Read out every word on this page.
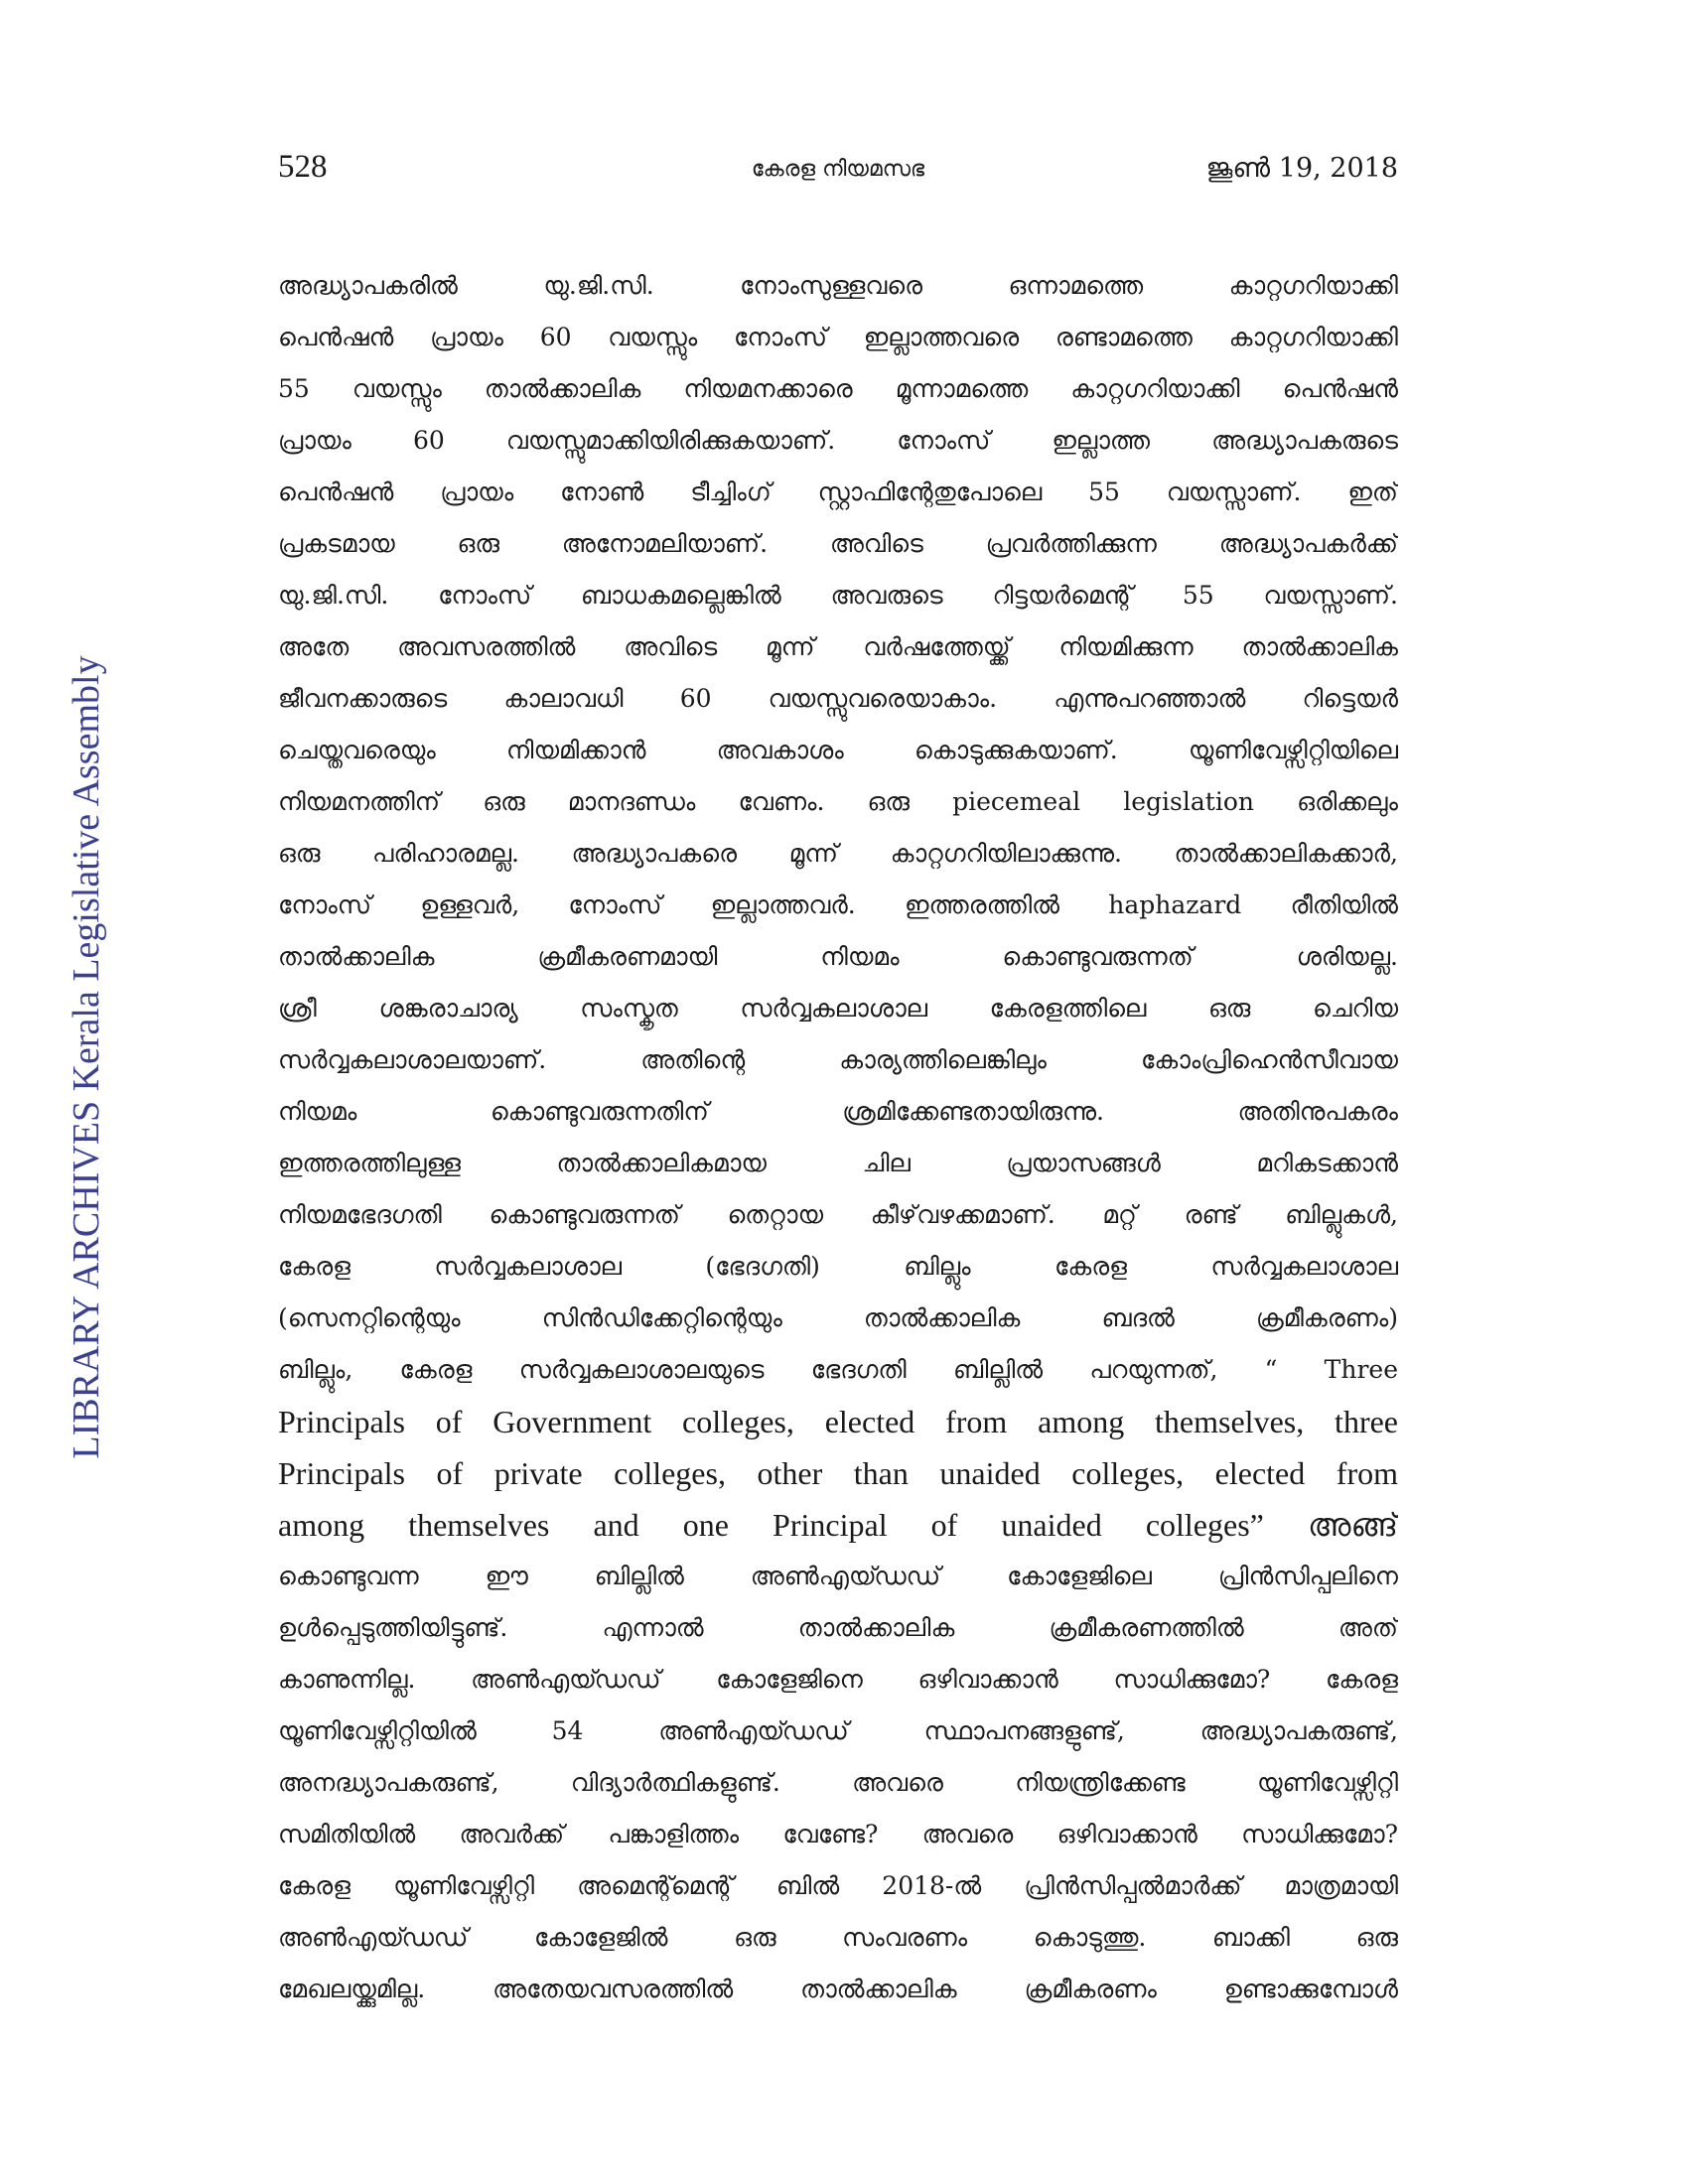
LIBRARY ARCHIVES Kerala Legislative Assembly
528	കേരള നിയമസഭ	ജൂൺ 19, 2018
അദ്ധ്യാപകരിൽ യു.ജി.സി. നോംസുള്ളവരെ ഒന്നാമത്തെ കാറ്റഗറിയാക്കി
പെൻഷൻ പ്രായം 60 വയസ്സും നോംസ് ഇല്ലാത്തവരെ രണ്ടാമത്തെ കാറ്റഗറിയാക്കി
55 വയസ്സും താൽക്കാലിക നിയമനക്കാരെ മൂന്നാമത്തെ കാറ്റഗറിയാക്കി പെൻഷൻ
പ്രായം 60 വയസ്സുമാക്കിയിരിക്കുകയാണ്. നോംസ് ഇല്ലാത്ത അദ്ധ്യാപകരുടെ
പെൻഷൻ പ്രായം നോൺ ടീച്ചിംഗ് സ്റ്റാഫിന്റേതുപോലെ 55 വയസ്സാണ്. ഇത്
പ്രകടമായ ഒരു അനോമലിയാണ്. അവിടെ പ്രവർത്തിക്കുന്ന അദ്ധ്യാപകർക്ക്
യു.ജി.സി. നോംസ് ബാധകമല്ലെങ്കിൽ അവരുടെ റിട്ടയർമെന്റ് 55 വയസ്സാണ്.
അതേ അവസരത്തിൽ അവിടെ മൂന്ന് വർഷത്തേയ്ക്ക് നിയമിക്കുന്ന താൽക്കാലിക
ജീവനക്കാരുടെ കാലാവധി 60 വയസ്സുവരെയാകാം. എന്നുപറഞ്ഞാൽ റിട്ടെയർ
ചെയ്തവരെയും നിയമിക്കാൻ അവകാശം കൊടുക്കുകയാണ്. യൂണിവേഴ്സിറ്റിയിലെ
നിയമനത്തിന് ഒരു മാനദണ്ഡം വേണം. ഒരു piecemeal legislation ഒരിക്കലും
ഒരു പരിഹാരമല്ല. അദ്ധ്യാപകരെ മൂന്ന് കാറ്റഗറിയിലാക്കുന്നു. താൽക്കാലികക്കാർ,
നോംസ് ഉള്ളവർ, നോംസ് ഇല്ലാത്തവർ. ഇത്തരത്തിൽ haphazard രീതിയിൽ
താൽക്കാലിക ക്രമീകരണമായി നിയമം കൊണ്ടുവരുന്നത് ശരിയല്ല.
ശ്രീ ശങ്കരാചാര്യ സംസ്കൃത സർവ്വകലാശാല കേരളത്തിലെ ഒരു ചെറിയ
സർവ്വകലാശാലയാണ്. അതിന്റെ കാര്യത്തിലെങ്കിലും കോംപ്രിഹെൻസീവായ
നിയമം കൊണ്ടുവരുന്നതിന് ശ്രമിക്കേണ്ടതായിരുന്നു. അതിനുപകരം
ഇത്തരത്തിലുള്ള താൽക്കാലികമായ ചില പ്രയാസങ്ങൾ മറികടക്കാൻ
നിയമഭേദഗതി കൊണ്ടുവരുന്നത് തെറ്റായ കീഴ്‌വഴക്കമാണ്. മറ്റ് രണ്ട് ബില്ലുകൾ,
കേരള സർവ്വകലാശാല (ഭേദഗതി) ബില്ലും കേരള സർവ്വകലാശാല
(സെനറ്റിന്റെയും സിൻഡിക്കേറ്റിന്റെയും താൽക്കാലിക ബദൽ ക്രമീകരണം)
ബില്ലും, കേരള സർവ്വകലാശാലയുടെ ഭേദഗതി ബില്ലിൽ പറയുന്നത്, “ Three
Principals of Government colleges, elected from among themselves, three
Principals of private colleges, other than unaided colleges, elected from
among themselves and one Principal of unaided colleges” അങ്ങ്
കൊണ്ടുവന്ന ഈ ബില്ലിൽ അൺഎയ്ഡഡ് കോളേജിലെ പ്രിൻസിപ്പലിനെ
ഉൾപ്പെടുത്തിയിട്ടുണ്ട്. എന്നാൽ താൽക്കാലിക ക്രമീകരണത്തിൽ അത്
കാണുന്നില്ല. അൺഎയ്ഡഡ് കോളേജിനെ ഒഴിവാക്കാൻ സാധിക്കുമോ? കേരള
യൂണിവേഴ്സിറ്റിയിൽ 54 അൺഎയ്ഡഡ് സ്ഥാപനങ്ങളുണ്ട്, അദ്ധ്യാപകരുണ്ട്,
അനദ്ധ്യാപകരുണ്ട്, വിദ്യാർത്ഥികളുണ്ട്. അവരെ നിയന്ത്രിക്കേണ്ട യൂണിവേഴ്സിറ്റി
സമിതിയിൽ അവർക്ക് പങ്കാളിത്തം വേണ്ടേ? അവരെ ഒഴിവാക്കാൻ സാധിക്കുമോ?
കേരള യൂണിവേഴ്സിറ്റി അമെന്റ്മെന്റ് ബിൽ 2018-ൽ പ്രിൻസിപ്പൽമാർക്ക് മാത്രമായി
അൺഎയ്ഡഡ് കോളേജിൽ ഒരു സംവരണം കൊടുത്തു. ബാക്കി ഒരു
മേഖലയ്ക്കുമില്ല. അതേയവസരത്തിൽ താൽക്കാലിക ക്രമീകരണം ഉണ്ടാക്കുമ്പോൾ
